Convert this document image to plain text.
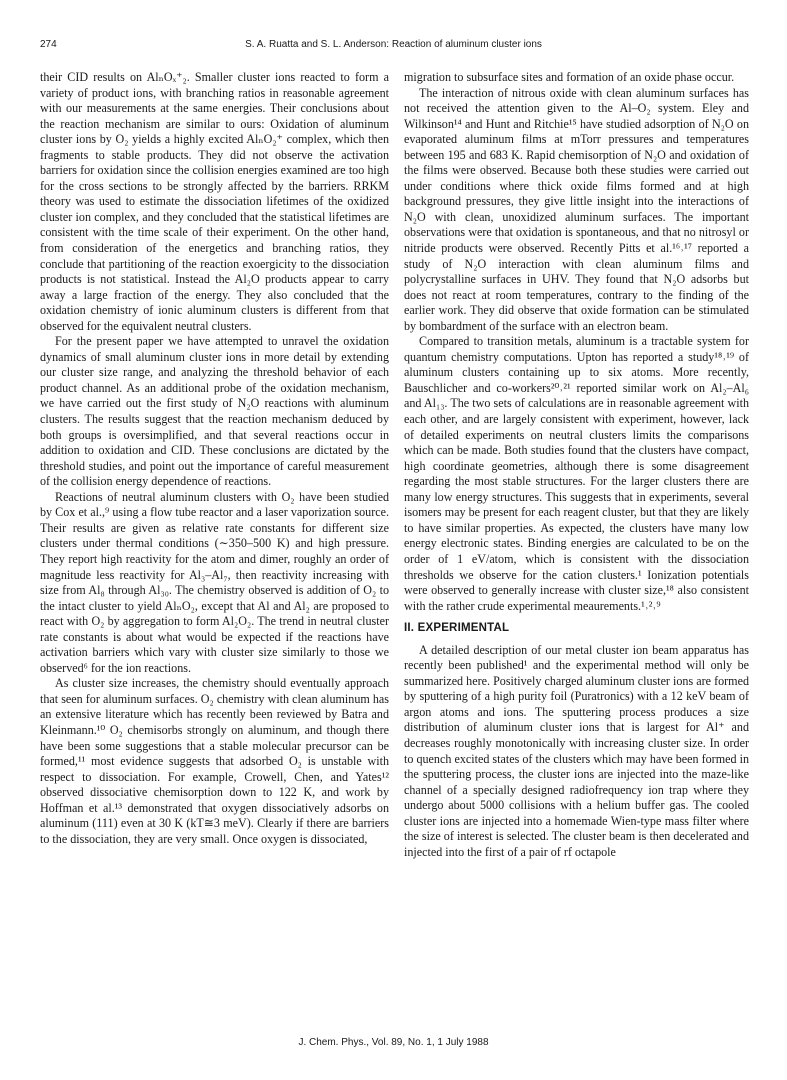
274	S. A. Ruatta and S. L. Anderson: Reaction of aluminum cluster ions

their CID results on AlₙOₓ⁺₂. Smaller cluster ions reacted to form a variety of product ions, with branching ratios in reasonable agreement with our measurements at the same energies. Their conclusions about the reaction mechanism are similar to ours: Oxidation of aluminum cluster ions by O₂ yields a highly excited AlₙO₂⁺ complex, which then fragments to stable products. They did not observe the activation barriers for oxidation since the collision energies examined are too high for the cross sections to be strongly affected by the barriers. RRKM theory was used to estimate the dissociation lifetimes of the oxidized cluster ion complex, and they concluded that the statistical lifetimes are consistent with the time scale of their experiment. On the other hand, from consideration of the energetics and branching ratios, they conclude that partitioning of the reaction exoergicity to the dissociation products is not statistical. Instead the Al₂O products appear to carry away a large fraction of the energy. They also concluded that the oxidation chemistry of ionic aluminum clusters is different from that observed for the equivalent neutral clusters.

For the present paper we have attempted to unravel the oxidation dynamics of small aluminum cluster ions in more detail by extending our cluster size range, and analyzing the threshold behavior of each product channel. As an additional probe of the oxidation mechanism, we have carried out the first study of N₂O reactions with aluminum clusters. The results suggest that the reaction mechanism deduced by both groups is oversimplified, and that several reactions occur in addition to oxidation and CID. These conclusions are dictated by the threshold studies, and point out the importance of careful measurement of the collision energy dependence of reactions.

Reactions of neutral aluminum clusters with O₂ have been studied by Cox et al.,⁹ using a flow tube reactor and a laser vaporization source. Their results are given as relative rate constants for different size clusters under thermal conditions (∼350–500 K) and high pressure. They report high reactivity for the atom and dimer, roughly an order of magnitude less reactivity for Al₃–Al₇, then reactivity increasing with size from Al₈ through Al₃₀. The chemistry observed is addition of O₂ to the intact cluster to yield AlₙO₂, except that Al and Al₂ are proposed to react with O₂ by aggregation to form Al₂O₂. The trend in neutral cluster rate constants is about what would be expected if the reactions have activation barriers which vary with cluster size similarly to those we observed⁶ for the ion reactions.

As cluster size increases, the chemistry should eventually approach that seen for aluminum surfaces. O₂ chemistry with clean aluminum has an extensive literature which has recently been reviewed by Batra and Kleinmann.¹⁰ O₂ chemisorbs strongly on aluminum, and though there have been some suggestions that a stable molecular precursor can be formed,¹¹ most evidence suggests that adsorbed O₂ is unstable with respect to dissociation. For example, Crowell, Chen, and Yates¹² observed dissociative chemisorption down to 122 K, and work by Hoffman et al.¹³ demonstrated that oxygen dissociatively adsorbs on aluminum (111) even at 30 K (kT≅3 meV). Clearly if there are barriers to the dissociation, they are very small. Once oxygen is dissociated,

migration to subsurface sites and formation of an oxide phase occur.

The interaction of nitrous oxide with clean aluminum surfaces has not received the attention given to the Al–O₂ system. Eley and Wilkinson¹⁴ and Hunt and Ritchie¹⁵ have studied adsorption of N₂O on evaporated aluminum films at mTorr pressures and temperatures between 195 and 683 K. Rapid chemisorption of N₂O and oxidation of the films were observed. Because both these studies were carried out under conditions where thick oxide films formed and at high background pressures, they give little insight into the interactions of N₂O with clean, unoxidized aluminum surfaces. The important observations were that oxidation is spontaneous, and that no nitrosyl or nitride products were observed. Recently Pitts et al.¹⁶˒¹⁷ reported a study of N₂O interaction with clean aluminum films and polycrystalline surfaces in UHV. They found that N₂O adsorbs but does not react at room temperatures, contrary to the finding of the earlier work. They did observe that oxide formation can be stimulated by bombardment of the surface with an electron beam.

Compared to transition metals, aluminum is a tractable system for quantum chemistry computations. Upton has reported a study¹⁸˒¹⁹ of aluminum clusters containing up to six atoms. More recently, Bauschlicher and co-workers²⁰˒²¹ reported similar work on Al₂–Al₆ and Al₁₃. The two sets of calculations are in reasonable agreement with each other, and are largely consistent with experiment, however, lack of detailed experiments on neutral clusters limits the comparisons which can be made. Both studies found that the clusters have compact, high coordinate geometries, although there is some disagreement regarding the most stable structures. For the larger clusters there are many low energy structures. This suggests that in experiments, several isomers may be present for each reagent cluster, but that they are likely to have similar properties. As expected, the clusters have many low energy electronic states. Binding energies are calculated to be on the order of 1 eV/atom, which is consistent with the dissociation thresholds we observe for the cation clusters.¹ Ionization potentials were observed to generally increase with cluster size,¹⁸ also consistent with the rather crude experimental meaurements.¹˒²˒⁹

II. EXPERIMENTAL

A detailed description of our metal cluster ion beam apparatus has recently been published¹ and the experimental method will only be summarized here. Positively charged aluminum cluster ions are formed by sputtering of a high purity foil (Puratronics) with a 12 keV beam of argon atoms and ions. The sputtering process produces a size distribution of aluminum cluster ions that is largest for Al⁺ and decreases roughly monotonically with increasing cluster size. In order to quench excited states of the clusters which may have been formed in the sputtering process, the cluster ions are injected into the maze-like channel of a specially designed radiofrequency ion trap where they undergo about 5000 collisions with a helium buffer gas. The cooled cluster ions are injected into a homemade Wien-type mass filter where the size of interest is selected. The cluster beam is then decelerated and injected into the first of a pair of rf octapole

J. Chem. Phys., Vol. 89, No. 1, 1 July 1988
